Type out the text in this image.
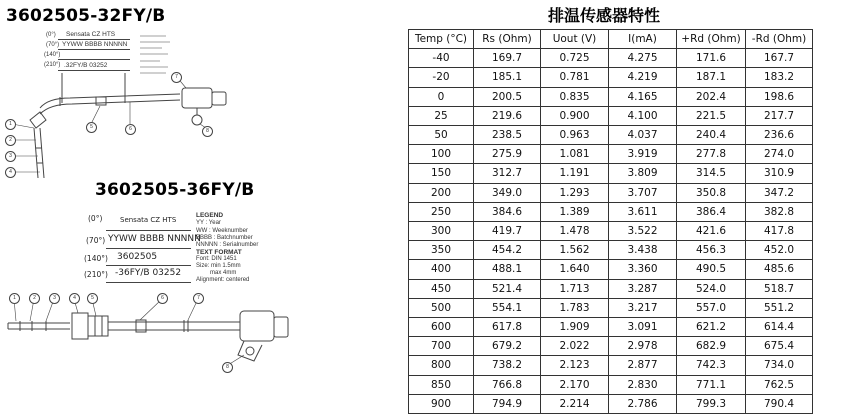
3602505-32FY/B
(0°)
(70°)
(140°)
(210°)
Sensata CZ HTS
YYWW BBBB NNNNN
.32FY/B 03252
1
2
3
4
5	6
7
8
3602505-36FY/B
(0°)
(70°)
(140°)
(210°)
Sensata CZ HTS
YYWW BBBB NNNNN
3602505
-36FY/B 03252
LEGEND
YY : Year
WW : Weeknumber
BBBB : Batchnumber
NNNNN : Serialnumber
TEXT FORMAT
Font: DIN 1451
Size: min 1.5mm
max 4mm
Alignment: centered
1	2	3	4	5	6	7
8
排温传感器特性
Temp (°C)	Rs (Ohm)	Uout (V)	I(mA)	+Rd (Ohm)	-Rd (Ohm)
-40	169.7	0.725	4.275	171.6	167.7
-20	185.1	0.781	4.219	187.1	183.2
0	200.5	0.835	4.165	202.4	198.6
25	219.6	0.900	4.100	221.5	217.7
50	238.5	0.963	4.037	240.4	236.6
100	275.9	1.081	3.919	277.8	274.0
150	312.7	1.191	3.809	314.5	310.9
200	349.0	1.293	3.707	350.8	347.2
250	384.6	1.389	3.611	386.4	382.8
300	419.7	1.478	3.522	421.6	417.8
350	454.2	1.562	3.438	456.3	452.0
400	488.1	1.640	3.360	490.5	485.6
450	521.4	1.713	3.287	524.0	518.7
500	554.1	1.783	3.217	557.0	551.2
600	617.8	1.909	3.091	621.2	614.4
700	679.2	2.022	2.978	682.9	675.4
800	738.2	2.123	2.877	742.3	734.0
850	766.8	2.170	2.830	771.1	762.5
900	794.9	2.214	2.786	799.3	790.4
